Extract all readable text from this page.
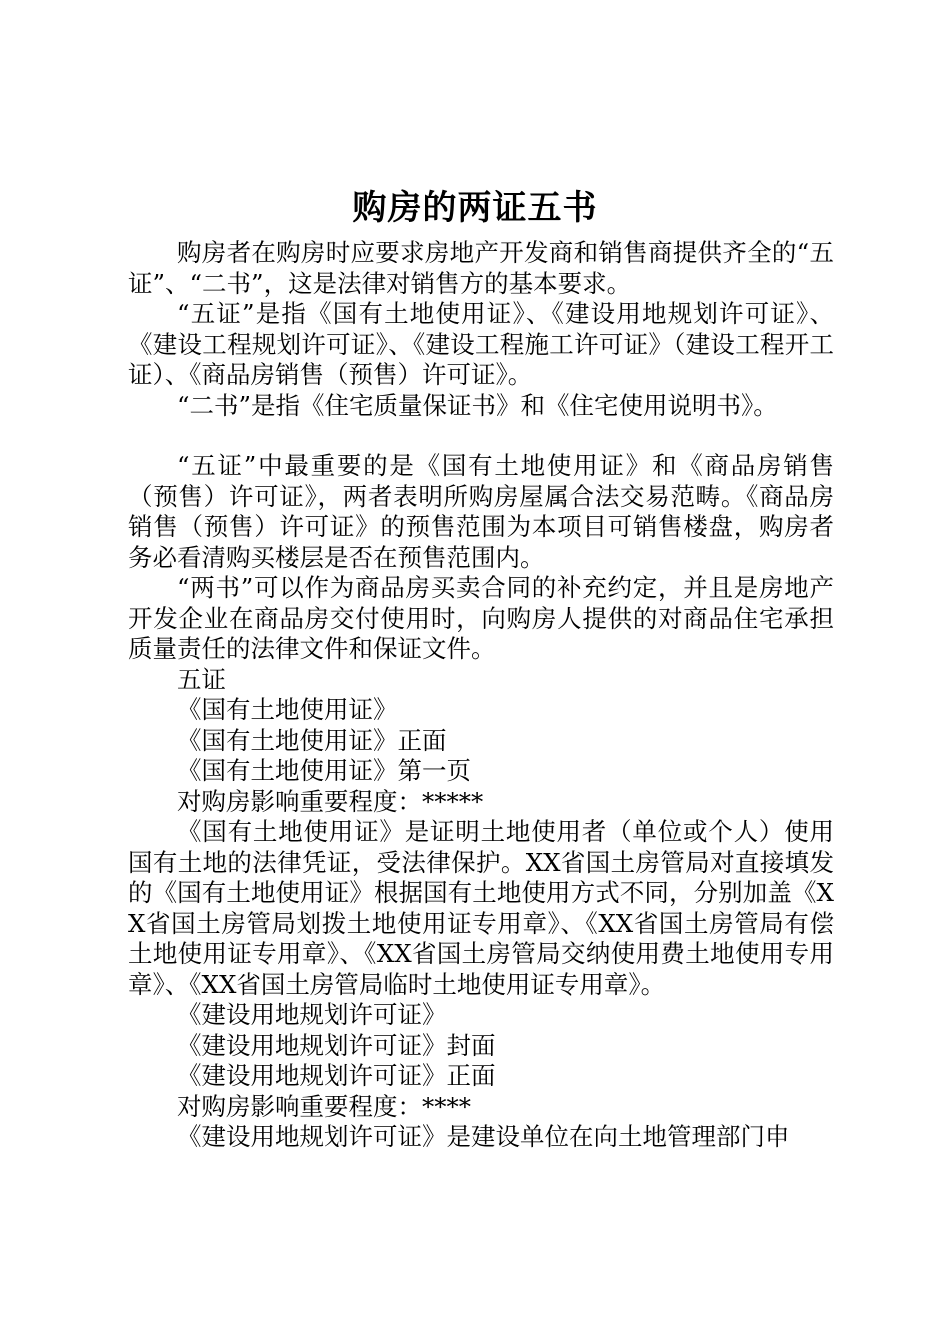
购房的两证五书

购房者在购房时应要求房地产开发商和销售商提供齐全的“五证”、“二书”，这是法律对销售方的基本要求。

“五证”是指《国有土地使用证》、《建设用地规划许可证》、《建设工程规划许可证》、《建设工程施工许可证》（建设工程开工证）、《商品房销售（预售）许可证》。

“二书”是指《住宅质量保证书》和《住宅使用说明书》。

“五证”中最重要的是《国有土地使用证》和《商品房销售（预售）许可证》，两者表明所购房屋属合法交易范畴。《商品房销售（预售）许可证》的预售范围为本项目可销售楼盘，购房者务必看清购买楼层是否在预售范围内。

“两书”可以作为商品房买卖合同的补充约定，并且是房地产开发企业在商品房交付使用时，向购房人提供的对商品住宅承担质量责任的法律文件和保证文件。

五证

《国有土地使用证》

《国有土地使用证》正面

《国有土地使用证》第一页

对购房影响重要程度：*****

《国有土地使用证》是证明土地使用者（单位或个人）使用国有土地的法律凭证，受法律保护。XX省国土房管局对直接填发的《国有土地使用证》根据国有土地使用方式不同，分别加盖《XX省国土房管局划拨土地使用证专用章》、《XX省国土房管局有偿土地使用证专用章》、《XX省国土房管局交纳使用费土地使用专用章》、《XX省国土房管局临时土地使用证专用章》。

《建设用地规划许可证》

《建设用地规划许可证》封面

《建设用地规划许可证》正面

对购房影响重要程度：****

《建设用地规划许可证》是建设单位在向土地管理部门申
